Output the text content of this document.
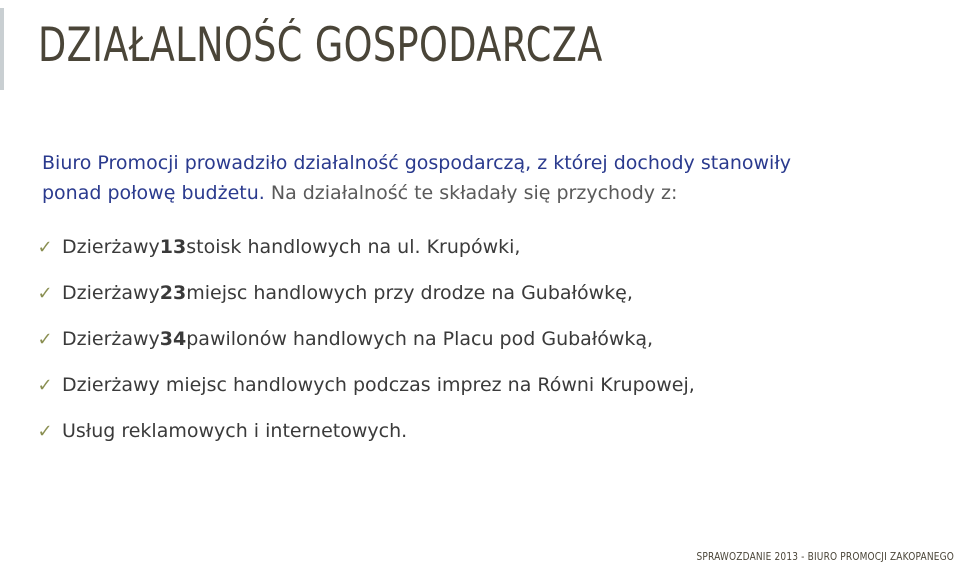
DZIAŁALNOŚĆ GOSPODARCZA

Biuro Promocji prowadziło działalność gospodarczą, z której dochody stanowiły
ponad połowę budżetu. Na działalność te składały się przychody z:

✓ Dzierżawy 13 stoisk handlowych na ul. Krupówki,
✓ Dzierżawy 23 miejsc handlowych przy drodze na Gubałówkę,
✓ Dzierżawy 34 pawilonów handlowych na Placu pod Gubałówką,
✓ Dzierżawy miejsc handlowych podczas imprez na Równi Krupowej,
✓ Usług reklamowych i internetowych.
SPRAWOZDANIE 2013 - BIURO PROMOCJI ZAKOPANEGO
